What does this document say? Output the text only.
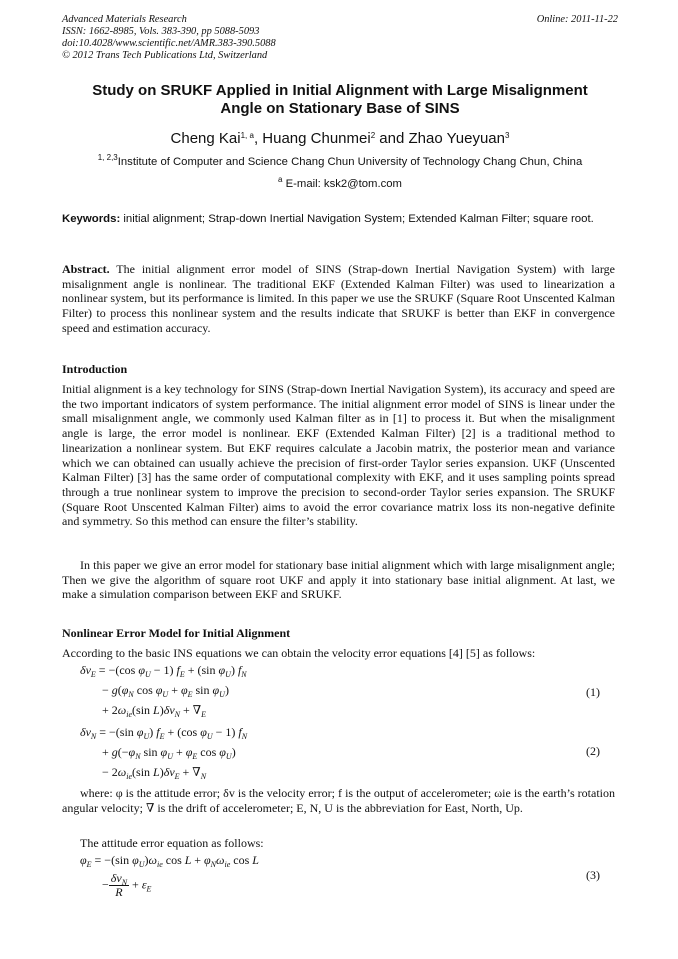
Advanced Materials Research
ISSN: 1662-8985, Vols. 383-390, pp 5088-5093
doi:10.4028/www.scientific.net/AMR.383-390.5088
© 2012 Trans Tech Publications Ltd, Switzerland
Online: 2011-11-22
Study on SRUKF Applied in Initial Alignment with Large Misalignment
Angle on Stationary Base of SINS
Cheng Kai$^{1, a}$, Huang Chunmei$^2$ and Zhao Yueyuan$^3$
$^{1, 2,3}$Institute of Computer and Science Chang Chun University of Technology Chang Chun, China
$^a$ E-mail: ksk2@tom.com
Keywords: initial alignment; Strap-down Inertial Navigation System; Extended Kalman Filter; square root.
Abstract. The initial alignment error model of SINS (Strap-down Inertial Navigation System) with large misalignment angle is nonlinear. The traditional EKF (Extended Kalman Filter) was used to linearization a nonlinear system, but its performance is limited. In this paper we use the SRUKF (Square Root Unscented Kalman Filter) to process this nonlinear system and the results indicate that SRUKF is better than EKF in convergence speed and estimation accuracy.
Introduction
Initial alignment is a key technology for SINS (Strap-down Inertial Navigation System), its accuracy and speed are the two important indicators of system performance. The initial alignment error model of SINS is linear under the small misalignment angle, we commonly used Kalman filter as in [1] to process it. But when the misalignment angle is large, the error model is nonlinear. EKF (Extended Kalman Filter) [2] is a traditional method to linearization a nonlinear system. But EKF requires calculate a Jacobin matrix, the posterior mean and variance which we can obtained can usually achieve the precision of first-order Taylor series expansion. UKF (Unscented Kalman Filter) [3] has the same order of computational complexity with EKF, and it uses sampling points spread through a true nonlinear system to improve the precision to second-order Taylor series expansion. The SRUKF (Square Root Unscented Kalman Filter) aims to avoid the error covariance matrix loss its non-negative definite and symmetry. So this method can ensure the filter’s stability.
In this paper we give an error model for stationary base initial alignment which with large misalignment angle; Then we give the algorithm of square root UKF and apply it into stationary base initial alignment. At last, we make a simulation comparison between EKF and SRUKF.
Nonlinear Error Model for Initial Alignment
According to the basic INS equations we can obtain the velocity error equations [4] [5] as follows:
$\delta v_E = -(\cos$ $\varphi_U - 1$) $f_E + (\sin$ $\varphi_U$) $f_N$
− $g(\varphi_N$ $\cos \varphi_U + \varphi_E$ $\sin \varphi_U$)
+ $2\omega_{ie}(\sin$ $L)\delta v_N + \nabla_E$
(1)
$\delta v_N = -(\sin$ $\varphi_U$) $f_E + (\cos$ $\varphi_U - 1$) $f_N$
+ $g(-\varphi_N$ $\sin \varphi_U + \varphi_E$ $\cos \varphi_U$)
− $2\omega_{ie}(\sin$ $L)\delta v_E + \nabla_N$
(2)
where: φ is the attitude error; δv is the velocity error; f is the output of accelerometer; ωie is the earth’s rotation angular velocity; ∇ is the drift of accelerometer; E, N, U is the abbreviation for East, North, Up.
The attitude error equation as follows:
$\varphi_E = -(\sin$ $\varphi_U)\omega_{ie}$ $\cos L + \varphi_N\omega_{ie}$ cos L
− $\frac{\delta v_N}{R} + \varepsilon_E$
(3)
